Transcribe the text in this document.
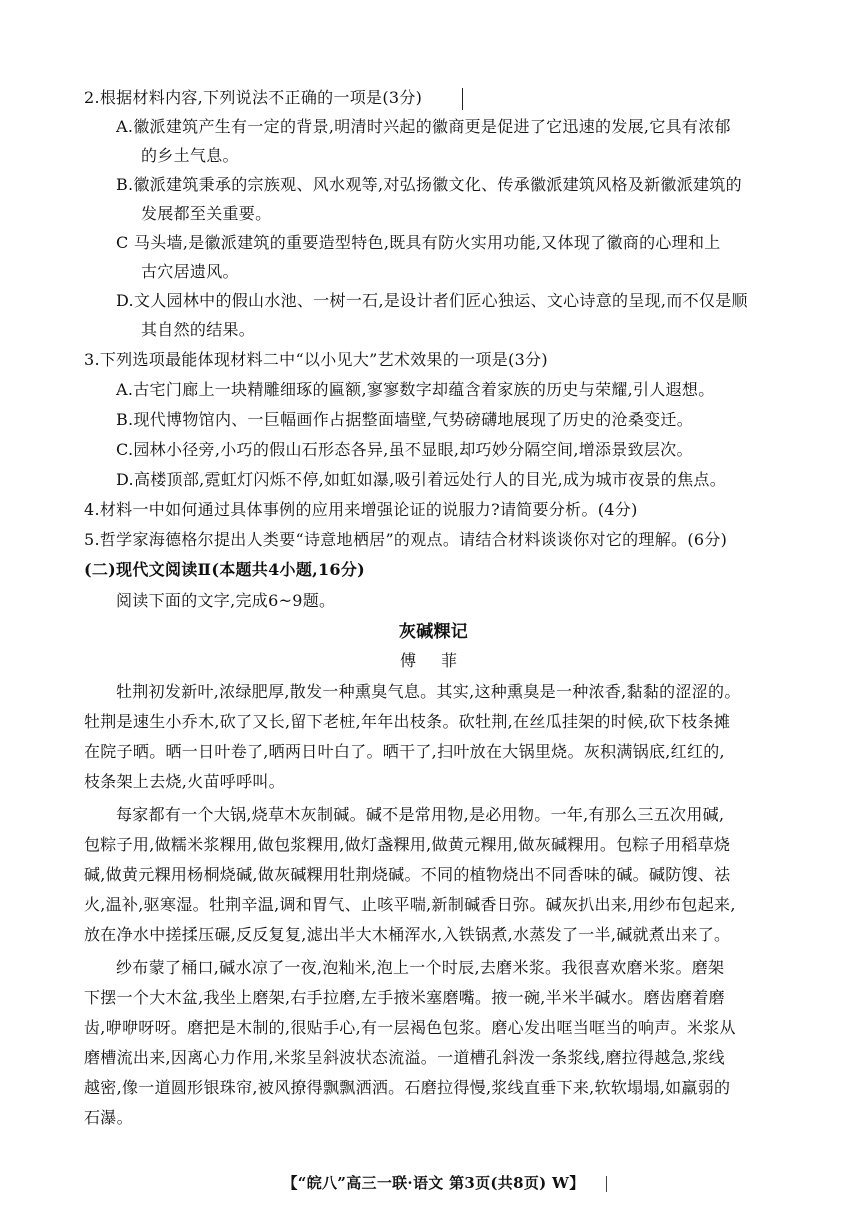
2.根据材料内容,下列说法不正确的一项是(3分)
A.徽派建筑产生有一定的背景,明清时兴起的徽商更是促进了它迅速的发展,它具有浓郁
的乡土气息。
B.徽派建筑秉承的宗族观、风水观等,对弘扬徽文化、传承徽派建筑风格及新徽派建筑的
发展都至关重要。
C 马头墙,是徽派建筑的重要造型特色,既具有防火实用功能,又体现了徽商的心理和上
古穴居遗风。
D.文人园林中的假山水池、一树一石,是设计者们匠心独运、文心诗意的呈现,而不仅是顺
其自然的结果。
3.下列选项最能体现材料二中“以小见大”艺术效果的一项是(3分)
A.古宅门廊上一块精雕细琢的匾额,寥寥数字却蕴含着家族的历史与荣耀,引人遐想。
B.现代博物馆内、一巨幅画作占据整面墙壁,气势磅礴地展现了历史的沧桑变迁。
C.园林小径旁,小巧的假山石形态各异,虽不显眼,却巧妙分隔空间,增添景致层次。
D.高楼顶部,霓虹灯闪烁不停,如虹如瀑,吸引着远处行人的目光,成为城市夜景的焦点。
4.材料一中如何通过具体事例的应用来增强论证的说服力?请简要分析。(4分)
5.哲学家海德格尔提出人类要“诗意地栖居”的观点。请结合材料谈谈你对它的理解。(6分)
(二)现代文阅读Ⅱ(本题共4小题,16分)
阅读下面的文字,完成6~9题。
灰碱粿记
傅 菲
牡荆初发新叶,浓绿肥厚,散发一种熏臭气息。其实,这种熏臭是一种浓香,黏黏的涩涩的。
牡荆是速生小乔木,砍了又长,留下老桩,年年出枝条。砍牡荆,在丝瓜挂架的时候,砍下枝条摊
在院子晒。晒一日叶卷了,晒两日叶白了。晒干了,扫叶放在大锅里烧。灰积满锅底,红红的,
枝条架上去烧,火苗呼呼叫。
每家都有一个大锅,烧草木灰制碱。碱不是常用物,是必用物。一年,有那么三五次用碱,
包粽子用,做糯米浆粿用,做包浆粿用,做灯盏粿用,做黄元粿用,做灰碱粿用。包粽子用稻草烧
碱,做黄元粿用杨桐烧碱,做灰碱粿用牡荆烧碱。不同的植物烧出不同香味的碱。碱防馊、祛
火,温补,驱寒湿。牡荆辛温,调和胃气、止咳平喘,新制碱香日弥。碱灰扒出来,用纱布包起来,
放在净水中搓揉压碾,反反复复,滤出半大木桶浑水,入铁锅煮,水蒸发了一半,碱就煮出来了。
纱布蒙了桶口,碱水凉了一夜,泡籼米,泡上一个时辰,去磨米浆。我很喜欢磨米浆。磨架
下摆一个大木盆,我坐上磨架,右手拉磨,左手掖米塞磨嘴。掖一碗,半米半碱水。磨齿磨着磨
齿,咿咿呀呀。磨把是木制的,很贴手心,有一层褐色包浆。磨心发出哐当哐当的响声。米浆从
磨槽流出来,因离心力作用,米浆呈斜波状态流溢。一道槽孔斜泼一条浆线,磨拉得越急,浆线
越密,像一道圆形银珠帘,被风撩得飘飘洒洒。石磨拉得慢,浆线直垂下来,软软塌塌,如羸弱的
石瀑。
【“皖八”高三一联·语文 第3页(共8页) W】
